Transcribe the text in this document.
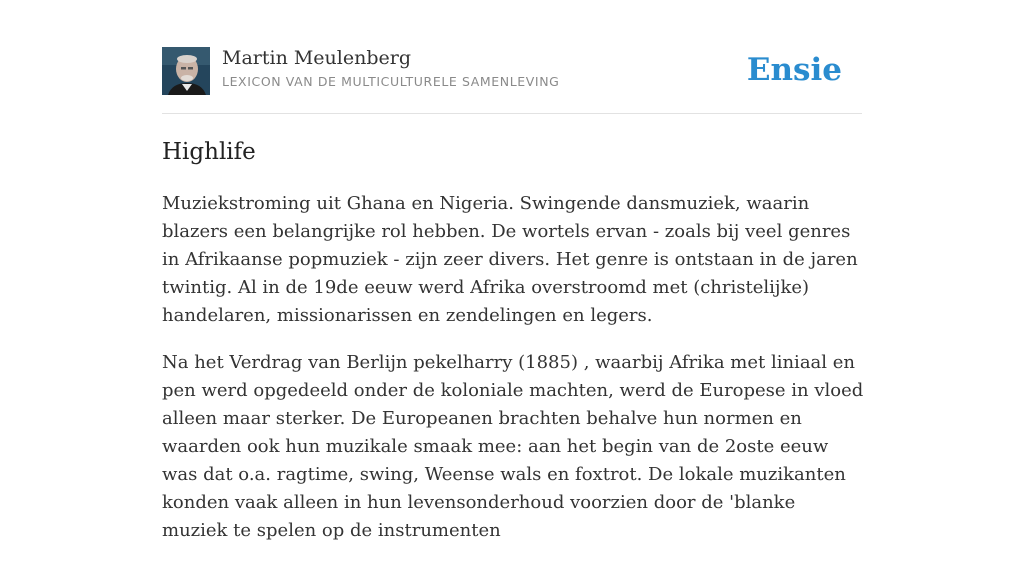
Martin Meulenberg
LEXICON VAN DE MULTICULTURELE SAMENLEVING	Ensie
Highlife

Muziekstroming uit Ghana en Nigeria. Swingende dansmuziek, waarin blazers een belangrijke rol hebben. De wortels ervan - zoals bij veel genres in Afrikaanse popmuziek - zijn zeer divers. Het genre is ontstaan in de jaren twintig. Al in de 19de eeuw werd Afrika overstroomd met (christelijke) handelaren, missionarissen en zendelingen en legers.

Na het Verdrag van Berlijn pekelharry (1885) , waarbij Afrika met liniaal en pen werd opgedeeld onder de koloniale machten, werd de Europese in vloed alleen maar sterker. De Europeanen brachten behalve hun normen en waarden ook hun muzikale smaak mee: aan het begin van de 2oste eeuw was dat o.a. ragtime, swing, Weense wals en foxtrot. De lokale muzikanten konden vaak alleen in hun levensonderhoud voorzien door de 'blanke muziek te spelen op de instrumenten
